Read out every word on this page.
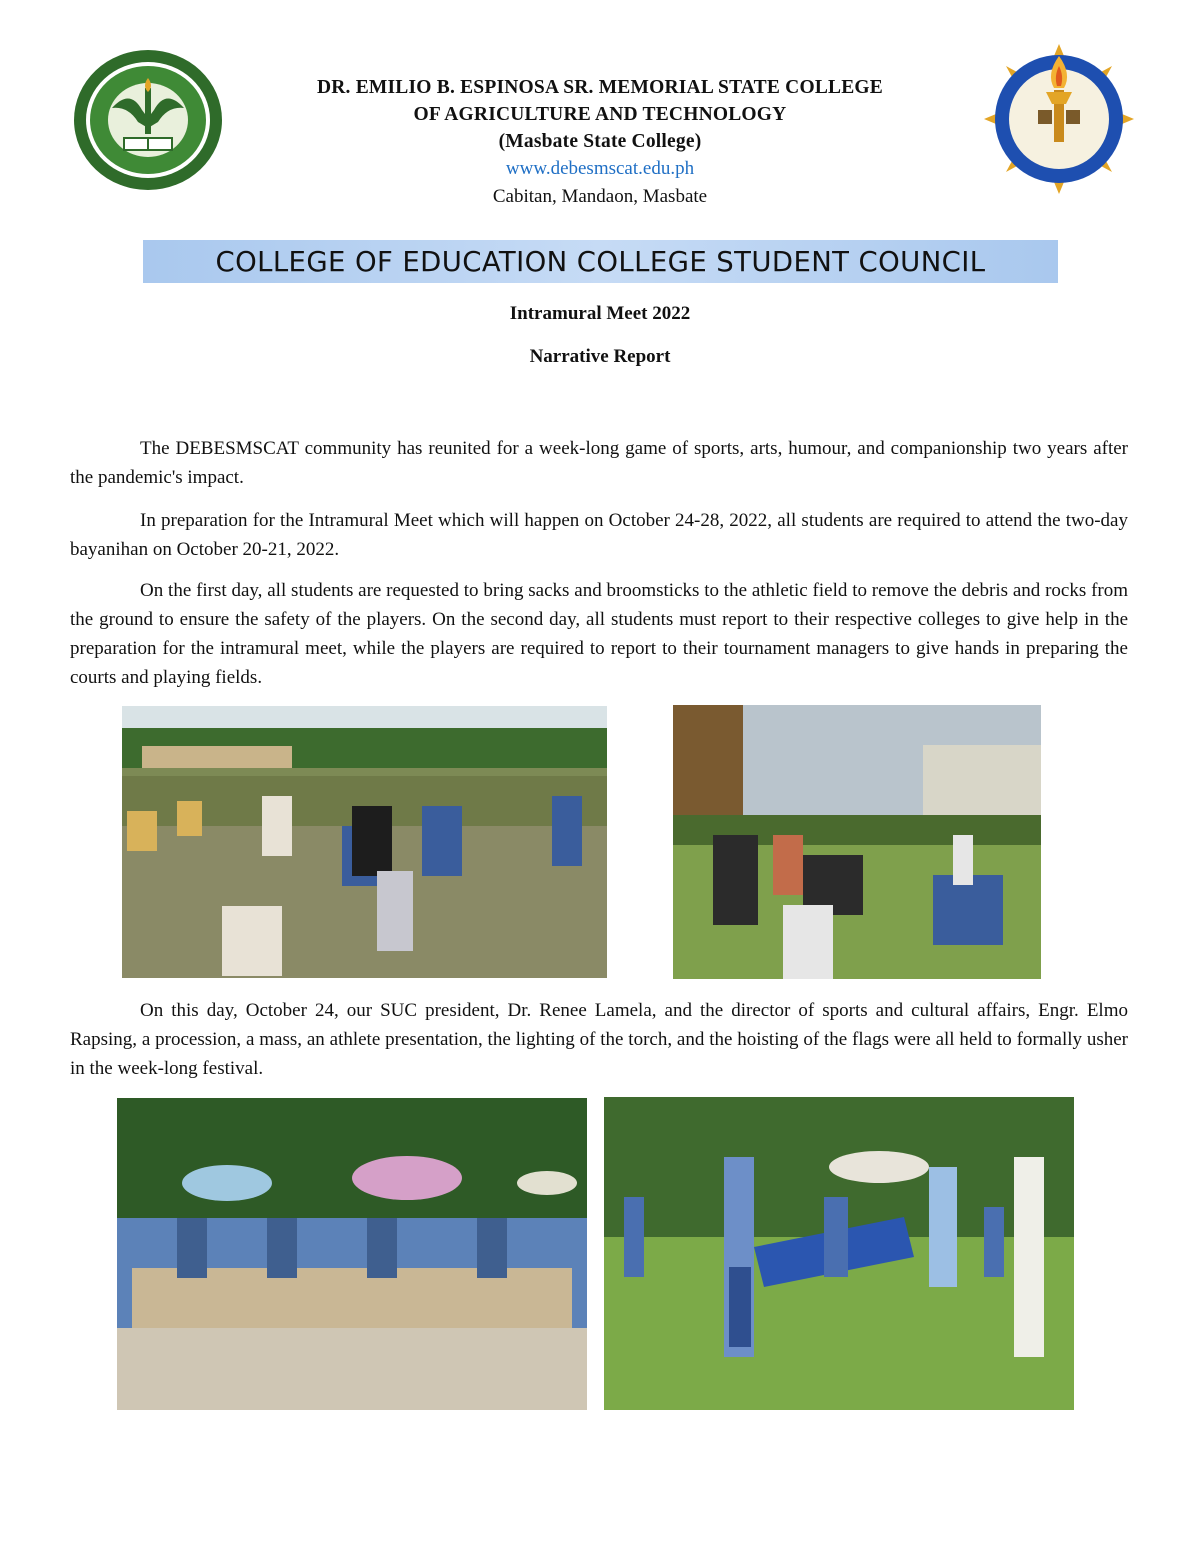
DR. EMILIO B. ESPINOSA SR. MEMORIAL STATE COLLEGE
OF AGRICULTURE AND TECHNOLOGY
(Masbate State College)
www.debesmscat.edu.ph
Cabitan, Mandaon, Masbate
COLLEGE OF EDUCATION COLLEGE STUDENT COUNCIL
Intramural Meet 2022
Narrative Report

The DEBESMSCAT community has reunited for a week-long game of sports, arts, humour, and companionship two years after the pandemic's impact.

In preparation for the Intramural Meet which will happen on October 24-28, 2022, all students are required to attend the two-day bayanihan on October 20-21, 2022.

On the first day, all students are requested to bring sacks and broomsticks to the athletic field to remove the debris and rocks from the ground to ensure the safety of the players. On the second day, all students must report to their respective colleges to give help in the preparation for the intramural meet, while the players are required to report to their tournament managers to give hands in preparing the courts and playing fields.

On this day, October 24, our SUC president, Dr. Renee Lamela, and the director of sports and cultural affairs, Engr. Elmo Rapsing, a procession, a mass, an athlete presentation, the lighting of the torch, and the hoisting of the flags were all held to formally usher in the week-long festival.
